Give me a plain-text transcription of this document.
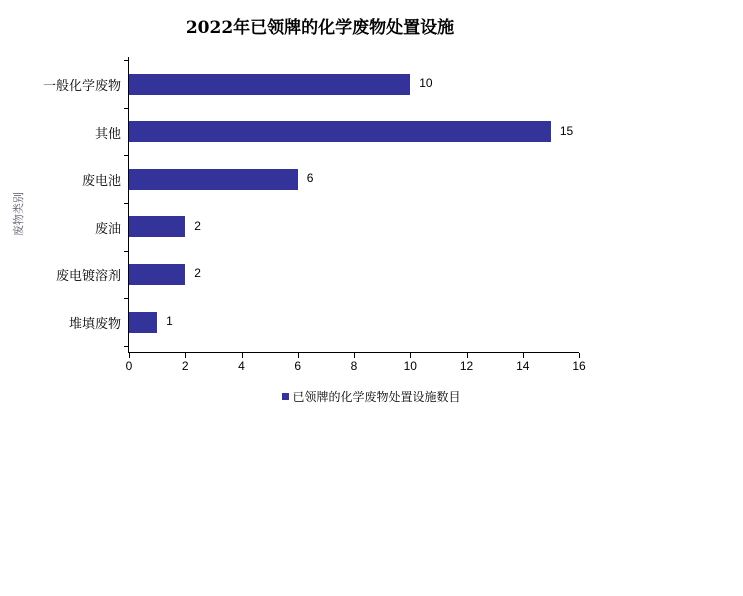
2022年已领牌的化学废物处置设施
废物类别
一般化学废物	10
其他	15
废电池	6
废油	2
废电镀溶剂	2
堆填废物	1
0	2	4	6	8	10	12	14	16
已领牌的化学废物处置设施数目
